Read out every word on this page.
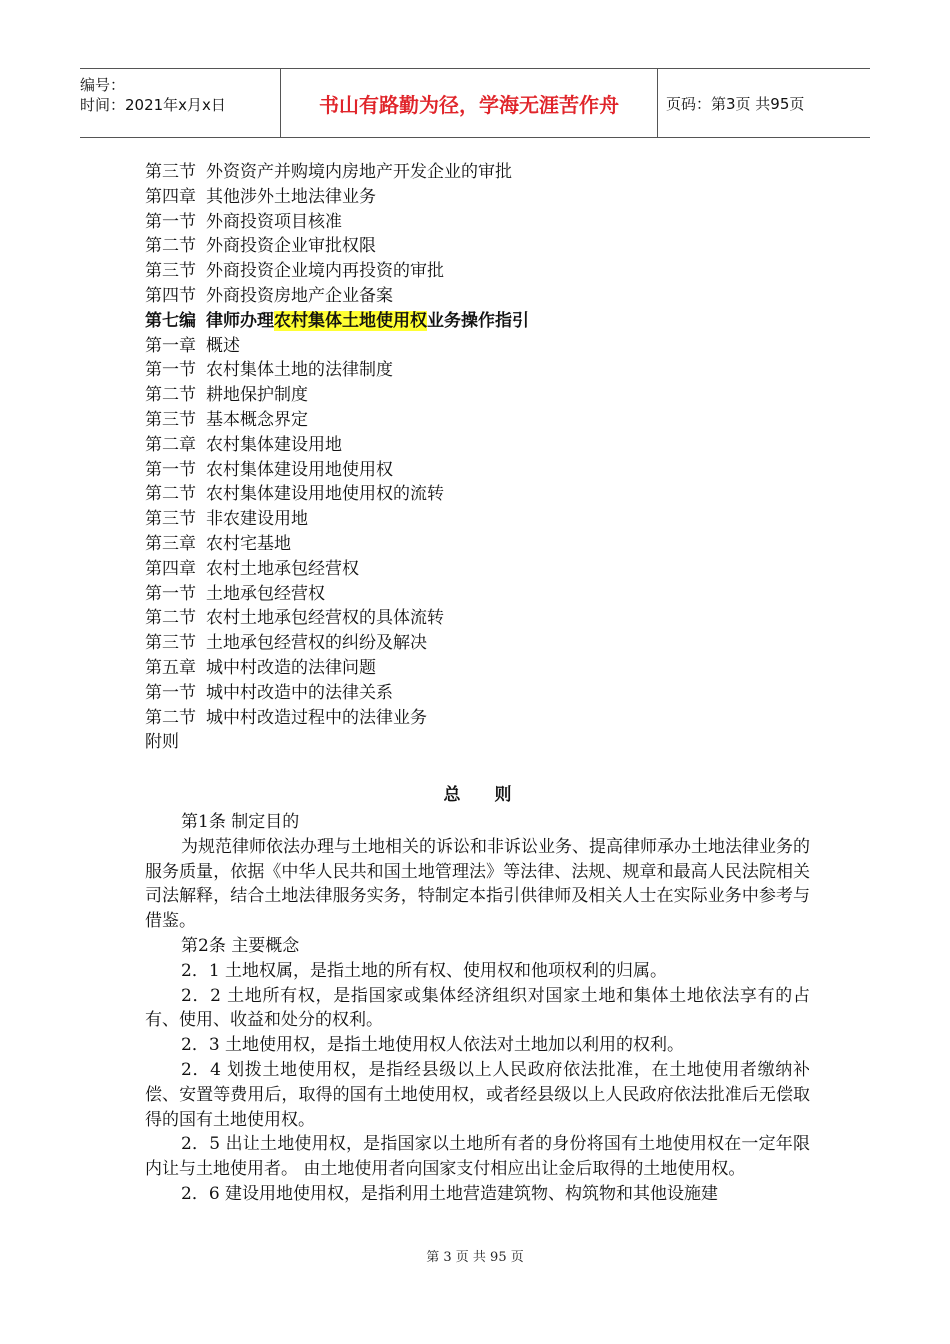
编号：
时间：2021年x月x日	书山有路勤为径，学海无涯苦作舟	页码：第3页 共95页
第三节 外资资产并购境内房地产开发企业的审批
第四章 其他涉外土地法律业务
第一节 外商投资项目核准
第二节 外商投资企业审批权限
第三节 外商投资企业境内再投资的审批
第四节 外商投资房地产企业备案
第七编 律师办理农村集体土地使用权业务操作指引
第一章 概述
第一节 农村集体土地的法律制度
第二节 耕地保护制度
第三节 基本概念界定
第二章 农村集体建设用地
第一节 农村集体建设用地使用权
第二节 农村集体建设用地使用权的流转
第三节 非农建设用地
第三章 农村宅基地
第四章 农村土地承包经营权
第一节 土地承包经营权
第二节 农村土地承包经营权的具体流转
第三节 土地承包经营权的纠纷及解决
第五章 城中村改造的法律问题
第一节 城中村改造中的法律关系
第二节 城中村改造过程中的法律业务
附则
总则

第1条 制定目的

为规范律师依法办理与土地相关的诉讼和非诉讼业务、提高律师承办土地法律业务的服务质量，依据《中华人民共和国土地管理法》等法律、法规、规章和最高人民法院相关司法解释，结合土地法律服务实务，特制定本指引供律师及相关人士在实际业务中参考与借鉴。

第2条 主要概念

2．1 土地权属，是指土地的所有权、使用权和他项权利的归属。

2．2 土地所有权，是指国家或集体经济组织对国家土地和集体土地依法享有的占有、使用、收益和处分的权利。

2．3 土地使用权，是指土地使用权人依法对土地加以利用的权利。

2．4 划拨土地使用权，是指经县级以上人民政府依法批准，在土地使用者缴纳补偿、安置等费用后，取得的国有土地使用权，或者经县级以上人民政府依法批准后无偿取得的国有土地使用权。

2．5 出让土地使用权，是指国家以土地所有者的身份将国有土地使用权在一定年限内让与土地使用者。 由土地使用者向国家支付相应出让金后取得的土地使用权。

2．6 建设用地使用权，是指利用土地营造建筑物、构筑物和其他设施建

第 3 页 共 95 页
